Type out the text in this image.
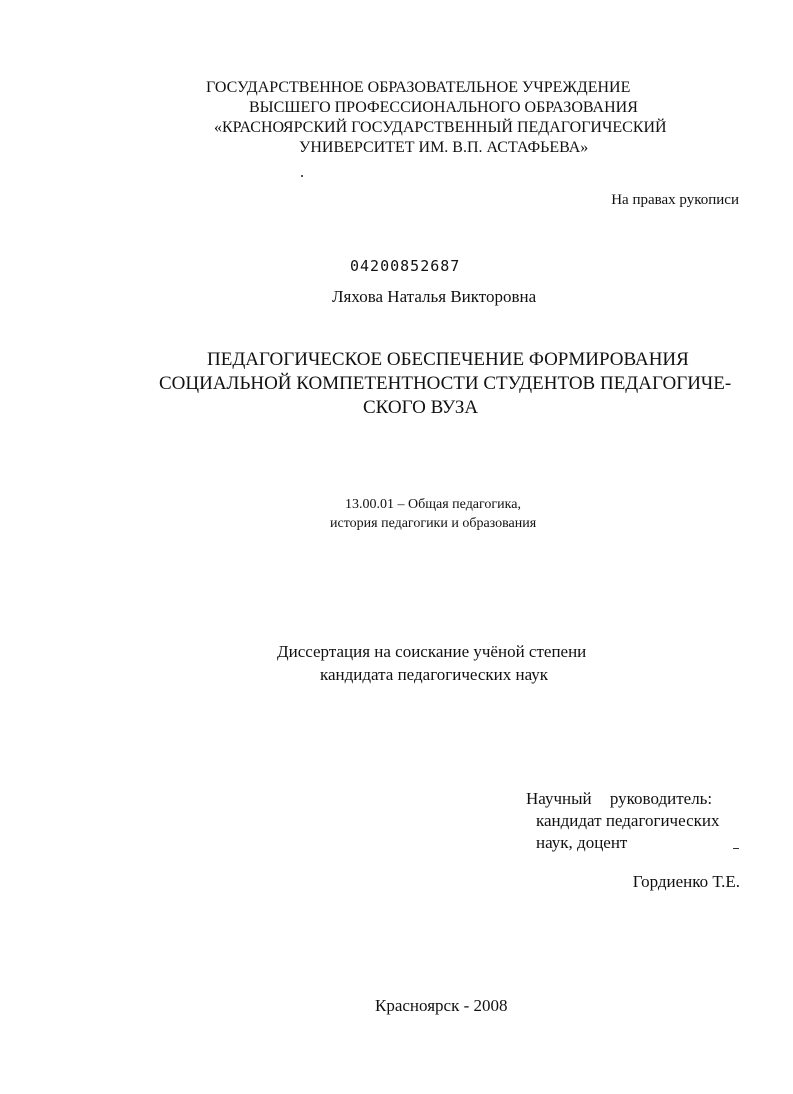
ГОСУДАРСТВЕННОЕ ОБРАЗОВАТЕЛЬНОЕ УЧРЕЖДЕНИЕ
ВЫСШЕГО ПРОФЕССИОНАЛЬНОГО ОБРАЗОВАНИЯ
«КРАСНОЯРСКИЙ ГОСУДАРСТВЕННЫЙ ПЕДАГОГИЧЕСКИЙ
УНИВЕРСИТЕТ ИМ. В.П. АСТАФЬЕВА»
На правах рукописи
04200852687
Ляхова Наталья Викторовна
ПЕДАГОГИЧЕСКОЕ ОБЕСПЕЧЕНИЕ ФОРМИРОВАНИЯ
СОЦИАЛЬНОЙ КОМПЕТЕНТНОСТИ СТУДЕНТОВ ПЕДАГОГИЧЕ-
СКОГО ВУЗА
13.00.01 – Общая педагогика,
история педагогики и образования
Диссертация на соискание учёной степени
кандидата педагогических наук
Научный руководитель:
кандидат педагогических
наук, доцент
Гордиенко Т.Е.
Красноярск - 2008
